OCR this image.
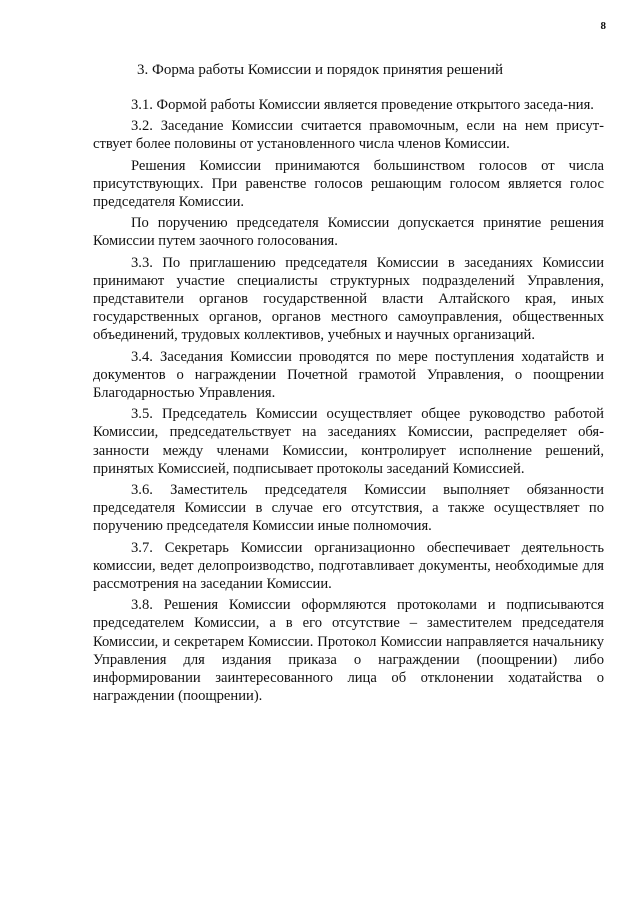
8
3. Форма работы Комиссии и порядок принятия решений

3.1. Формой работы Комиссии является проведение открытого заседа-ния.

3.2. Заседание Комиссии считается правомочным, если на нем присут-ствует более половины от установленного числа членов Комиссии.

Решения Комиссии принимаются большинством голосов от числа присутствующих. При равенстве голосов решающим голосом является голос председателя Комиссии.

По поручению председателя Комиссии допускается принятие решения Комиссии путем заочного голосования.

3.3. По приглашению председателя Комиссии в заседаниях Комиссии принимают участие специалисты структурных подразделений Управления, представители органов государственной власти Алтайского края, иных государственных органов, органов местного самоуправления, общественных объединений, трудовых коллективов, учебных и научных организаций.

3.4. Заседания Комиссии проводятся по мере поступления ходатайств и документов о награждении Почетной грамотой Управления, о поощрении Благодарностью Управления.

3.5. Председатель Комиссии осуществляет общее руководство работой Комиссии, председательствует на заседаниях Комиссии, распределяет обя-занности между членами Комиссии, контролирует исполнение решений, принятых Комиссией, подписывает протоколы заседаний Комиссией.

3.6. Заместитель председателя Комиссии выполняет обязанности председателя Комиссии в случае его отсутствия, а также осуществляет по поручению председателя Комиссии иные полномочия.

3.7. Секретарь Комиссии организационно обеспечивает деятельность комиссии, ведет делопроизводство, подготавливает документы, необходимые для рассмотрения на заседании Комиссии.

3.8. Решения Комиссии оформляются протоколами и подписываются председателем Комиссии, а в его отсутствие – заместителем председателя Комиссии, и секретарем Комиссии. Протокол Комиссии направляется начальнику Управления для издания приказа о награждении (поощрении) либо информировании заинтересованного лица об отклонении ходатайства о награждении (поощрении).
